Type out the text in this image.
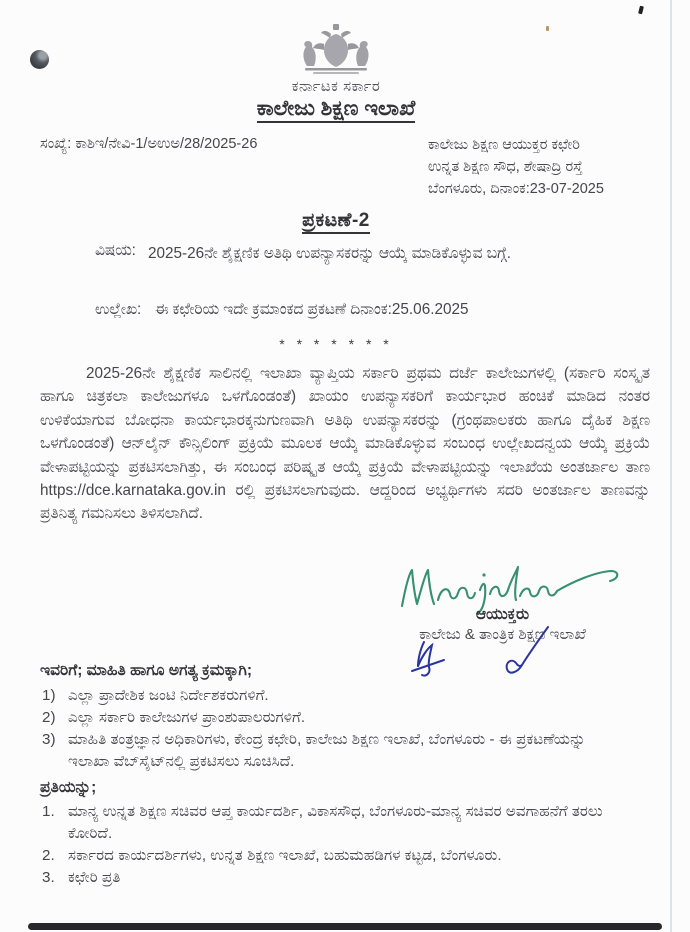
ಕರ್ನಾಟಕ ಸರ್ಕಾರ
ಕಾಲೇಜು ಶಿಕ್ಷಣ ಇಲಾಖೆ
ಸಂಖ್ಯೆ: ಕಾಶಿಇ/ನೇವಿ-1/ಅಉಅ/28/2025-26	ಕಾಲೇಜು ಶಿಕ್ಷಣ ಆಯುಕ್ತರ ಕಛೇರಿ
ಉನ್ನತ ಶಿಕ್ಷಣ ಸೌಧ, ಶೇಷಾದ್ರಿ ರಸ್ತೆ
ಬೆಂಗಳೂರು, ದಿನಾಂಕ:23-07-2025
ಪ್ರಕಟಣೆ-2
ವಿಷಯ: 2025-26ನೇ ಶೈಕ್ಷಣಿಕ ಅತಿಥಿ ಉಪನ್ಯಾಸಕರನ್ನು ಆಯ್ಕೆ ಮಾಡಿಕೊಳ್ಳುವ ಬಗ್ಗೆ.
ಉಲ್ಲೇಖ: ಈ ಕಛೇರಿಯ ಇದೇ ಕ್ರಮಾಂಕದ ಪ್ರಕಟಣೆ ದಿನಾಂಕ:25.06.2025
* * * * * * *
2025-26ನೇ ಶೈಕ್ಷಣಿಕ ಸಾಲಿನಲ್ಲಿ ಇಲಾಖಾ ವ್ಯಾಪ್ತಿಯ ಸರ್ಕಾರಿ ಪ್ರಥಮ ದರ್ಜೆ ಕಾಲೇಜುಗಳಲ್ಲಿ (ಸರ್ಕಾರಿ ಸಂಸ್ಕೃತ ಹಾಗೂ ಚಿತ್ರಕಲಾ ಕಾಲೇಜುಗಳೂ ಒಳಗೊಂಡಂತೆ) ಖಾಯಂ ಉಪನ್ಯಾಸಕರಿಗೆ ಕಾರ್ಯಭಾರ ಹಂಚಿಕೆ ಮಾಡಿದ ನಂತರ ಉಳಿಕೆಯಾಗುವ ಬೋಧನಾ ಕಾರ್ಯಭಾರಕ್ಕನುಗುಣವಾಗಿ ಅತಿಥಿ ಉಪನ್ಯಾಸಕರನ್ನು (ಗ್ರಂಥಪಾಲಕರು ಹಾಗೂ ದೈಹಿಕ ಶಿಕ್ಷಣ ಒಳಗೊಂಡಂತೆ) ಆನ್‌ಲೈನ್ ಕೌನ್ಸಿಲಿಂಗ್ ಪ್ರಕ್ರಿಯೆ ಮೂಲಕ ಆಯ್ಕೆ ಮಾಡಿಕೊಳ್ಳುವ ಸಂಬಂಧ ಉಲ್ಲೇಖದನ್ವಯ ಆಯ್ಕೆ ಪ್ರಕ್ರಿಯೆ ವೇಳಾಪಟ್ಟಿಯನ್ನು ಪ್ರಕಟಿಸಲಾಗಿತ್ತು, ಈ ಸಂಬಂಧ ಪರಿಷ್ಕೃತ ಆಯ್ಕೆ ಪ್ರಕ್ರಿಯೆ ವೇಳಾಪಟ್ಟಿಯನ್ನು ಇಲಾಖೆಯ ಅಂತರ್ಜಾಲ ತಾಣ https://dce.karnataka.gov.in ರಲ್ಲಿ ಪ್ರಕಟಿಸಲಾಗುವುದು. ಆದ್ದರಿಂದ ಅಭ್ಯರ್ಥಿಗಳು ಸದರಿ ಅಂತರ್ಜಾಲ ತಾಣವನ್ನು ಪ್ರತಿನಿತ್ಯ ಗಮನಿಸಲು ತಿಳಿಸಲಾಗಿದೆ.
ಆಯುಕ್ತರು
ಕಾಲೇಜು & ತಾಂತ್ರಿಕ ಶಿಕ್ಷಣ ಇಲಾಖೆ
ಇವರಿಗೆ; ಮಾಹಿತಿ ಹಾಗೂ ಅಗತ್ಯ ಕ್ರಮಕ್ಕಾಗಿ;
1) ಎಲ್ಲಾ ಪ್ರಾದೇಶಿಕ ಜಂಟಿ ನಿರ್ದೇಶಕರುಗಳಿಗೆ.
2) ಎಲ್ಲಾ ಸರ್ಕಾರಿ ಕಾಲೇಜುಗಳ ಪ್ರಾಂಶುಪಾಲರುಗಳಿಗೆ.
3) ಮಾಹಿತಿ ತಂತ್ರಜ್ಞಾನ ಅಧಿಕಾರಿಗಳು, ಕೇಂದ್ರ ಕಛೇರಿ, ಕಾಲೇಜು ಶಿಕ್ಷಣ ಇಲಾಖೆ, ಬೆಂಗಳೂರು - ಈ ಪ್ರಕಟಣೆಯನ್ನು ಇಲಾಖಾ ವೆಬ್‌ಸೈಟ್‌ನಲ್ಲಿ ಪ್ರಕಟಿಸಲು ಸೂಚಿಸಿದೆ.
ಪ್ರತಿಯನ್ನು;
1. ಮಾನ್ಯ ಉನ್ನತ ಶಿಕ್ಷಣ ಸಚಿವರ ಆಪ್ತ ಕಾರ್ಯದರ್ಶಿ, ವಿಕಾಸಸೌಧ, ಬೆಂಗಳೂರು-ಮಾನ್ಯ ಸಚಿವರ ಅವಗಾಹನೆಗೆ ತರಲು ಕೋರಿದೆ.
2. ಸರ್ಕಾರದ ಕಾರ್ಯದರ್ಶಿಗಳು, ಉನ್ನತ ಶಿಕ್ಷಣ ಇಲಾಖೆ, ಬಹುಮಹಡಿಗಳ ಕಟ್ಟಡ, ಬೆಂಗಳೂರು.
3. ಕಛೇರಿ ಪ್ರತಿ
